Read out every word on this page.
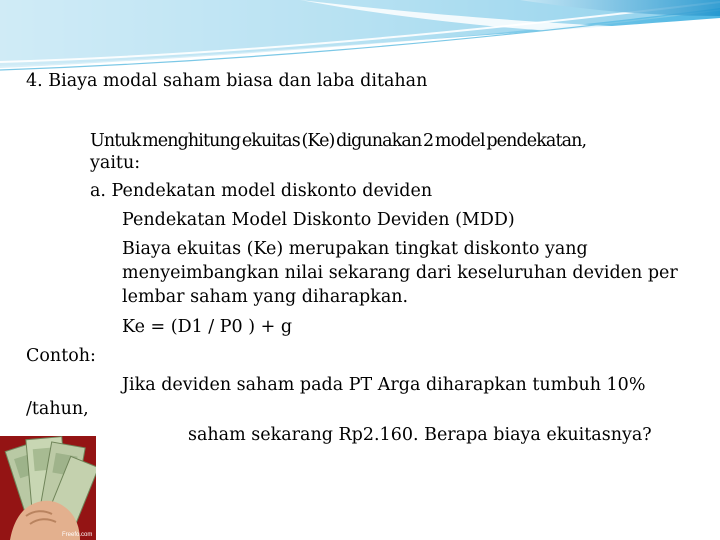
4. Biaya modal saham biasa dan laba ditahan
Untuk menghitung ekuitas (Ke) digunakan 2 model pendekatan,
yaitu:
a. Pendekatan model diskonto deviden
Pendekatan Model Diskonto Deviden (MDD)
Biaya ekuitas (Ke) merupakan tingkat diskonto yang
menyeimbangkan nilai sekarang dari keseluruhan deviden per
lembar saham yang diharapkan.
Ke = (D1 / P0 ) + g
Contoh:
Jika deviden saham pada PT Arga diharapkan tumbuh 10%
/tahun,
saham sekarang Rp2.160. Berapa biaya ekuitasnya?
Freefo.com
